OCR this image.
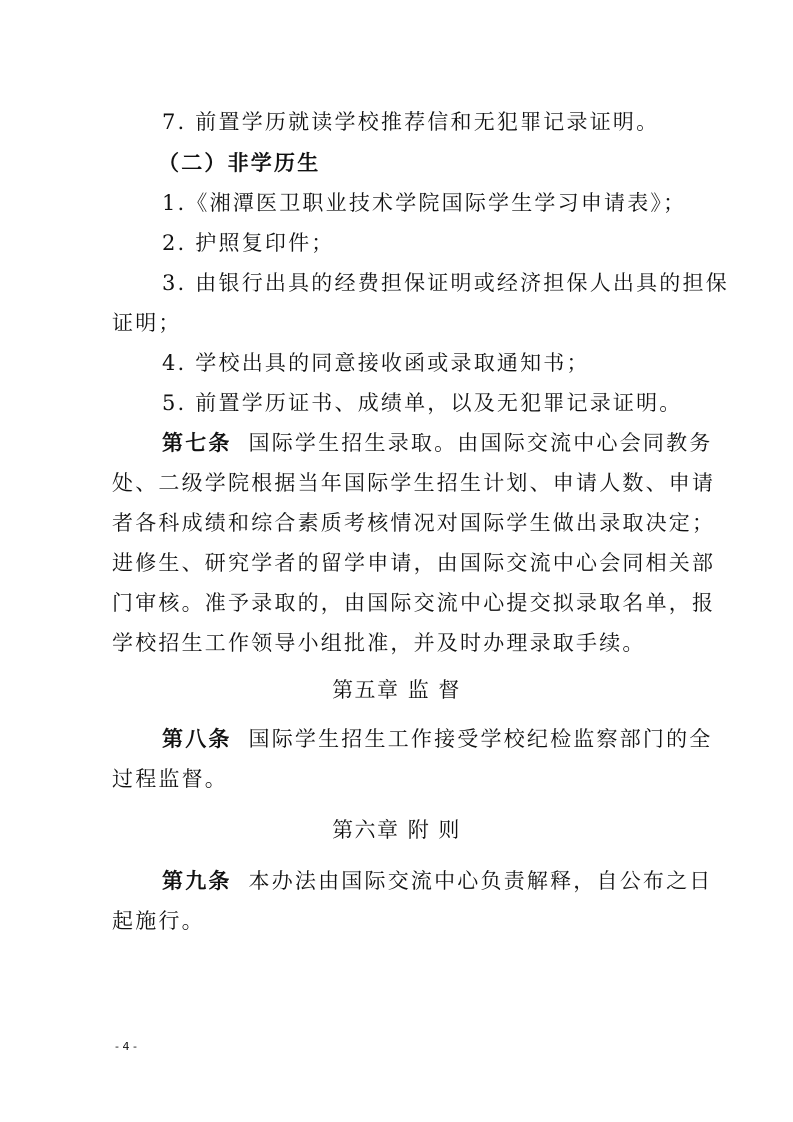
7. 前置学历就读学校推荐信和无犯罪记录证明。
（二）非学历生
1.《湘潭医卫职业技术学院国际学生学习申请表》；
2. 护照复印件；
3. 由银行出具的经费担保证明或经济担保人出具的担保
证明；
4. 学校出具的同意接收函或录取通知书；
5. 前置学历证书、成绩单，以及无犯罪记录证明。
第七条 国际学生招生录取。由国际交流中心会同教务
处、二级学院根据当年国际学生招生计划、申请人数、申请
者各科成绩和综合素质考核情况对国际学生做出录取决定；
进修生、研究学者的留学申请，由国际交流中心会同相关部
门审核。准予录取的，由国际交流中心提交拟录取名单，报
学校招生工作领导小组批准，并及时办理录取手续。
第五章 监 督
第八条 国际学生招生工作接受学校纪检监察部门的全
过程监督。
第六章 附 则
第九条 本办法由国际交流中心负责解释，自公布之日
起施行。
- 4 -
